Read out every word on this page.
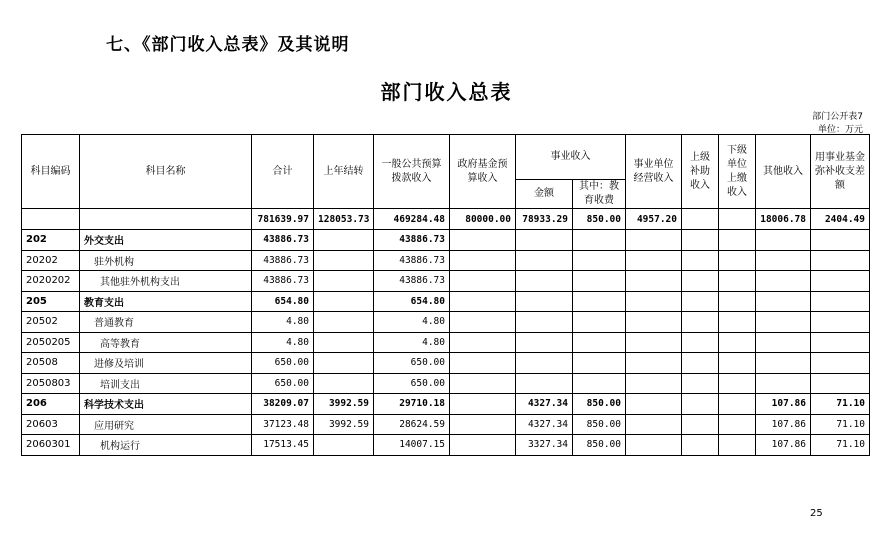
七、《部门收入总表》及其说明
部门收入总表
部门公开表7
单位：万元
科目编码	科目名称	合计	上年结转	一般公共预算拨款收入	政府基金预算收入	事业收入		事业单位经营收入	上级补助收入	下级单位上缴收入	其他收入	用事业基金弥补收支差额
						金额	其中：教育收费					
		781639.97	128053.73	469284.48	80000.00	78933.29	850.00	4957.20			18006.78	2404.49
202	外交支出	43886.73		43886.73								
20202	驻外机构	43886.73		43886.73								
2020202	其他驻外机构支出	43886.73		43886.73								
205	教育支出	654.80		654.80								
20502	普通教育	4.80		4.80								
2050205	高等教育	4.80		4.80								
20508	进修及培训	650.00		650.00								
2050803	培训支出	650.00		650.00								
206	科学技术支出	38209.07	3992.59	29710.18		4327.34	850.00				107.86	71.10
20603	应用研究	37123.48	3992.59	28624.59		4327.34	850.00				107.86	71.10
2060301	机构运行	17513.45		14007.15		3327.34	850.00				107.86	71.10
25
